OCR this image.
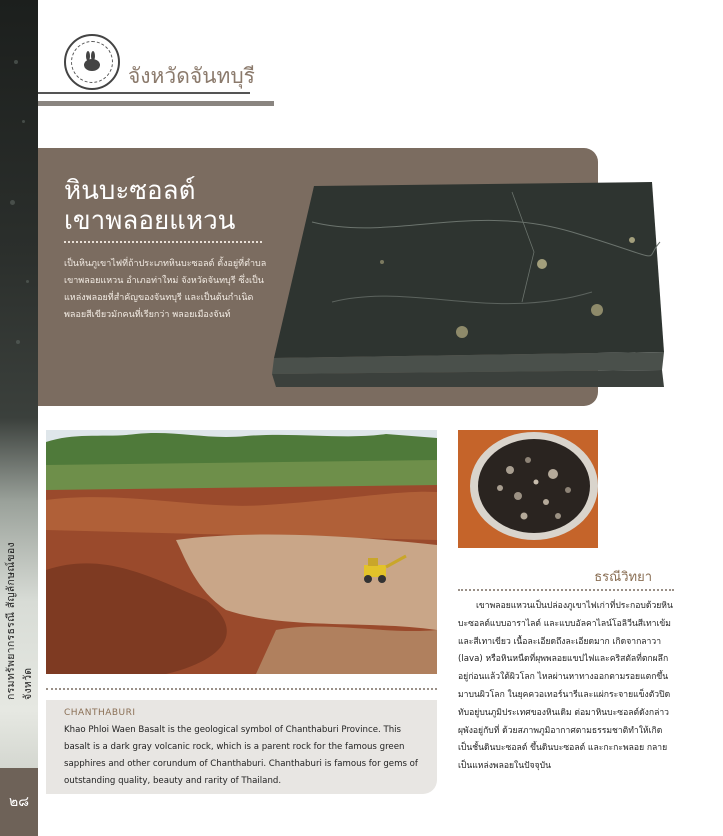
กรมทรัพยากรธรณี สัญลักษณ์ของจังหวัด
๒๘
จังหวัดจันทบุรี
หินบะซอลต์
เขาพลอยแหวน
เป็นหินภูเขาไฟที่ถ้าประเภทหินบะซอลต์ ตั้งอยู่ที่ตำบลเขาพลอยแหวน อำเภอท่าใหม่ จังหวัดจันทบุรี ซึ่งเป็นแหล่งพลอยที่สำคัญของจันทบุรี และเป็นต้นกำเนิดพลอยสีเขียวมักคนที่เรียกว่า พลอยเมืองจันท์
CHANTHABURI
Khao Phloi Waen Basalt is the geological symbol of Chanthaburi Province. This basalt is a dark gray volcanic rock, which is a parent rock for the famous green sapphires and other corundum of Chanthaburi. Chanthaburi is famous for gems of outstanding quality, beauty and rarity of Thailand.
ธรณีวิทยา
เขาพลอยแหวนเป็นปล่องภูเขาไฟเก่าที่ประกอบด้วยหินบะซอลต์แบบอาราไลต์ และแบบอัลคาไลน์โอลิวีนสีเทาเข้มและสีเทาเขียว เนื้อละเอียดถึงละเอียดมาก เกิดจากลาวา (lava) หรือหินหนืดที่ผุพพลอยแขปไฟและคริสตัลที่ตกผลึกอยู่ก่อนแล้วใต้ผิวโลก ไหลผ่านหาทางออกตามรอยแตกขึ้นมาบนผิวโลก ในยุคควอเทอร์นารีและแผ่กระจายแข็งตัวปิดทับอยู่บนภูมิประเทศของหินเดิม ต่อมาหินบะซอลต์ดังกล่าวผุพังอยู่กับที่ ด้วยสภาพภูมิอากาศตามธรรมชาติทำให้เกิดเป็นชั้นดินบะซอลต์ ขึ้นดินบะซอลต์ และกะกะพลอย กลายเป็นแหล่งพลอยในปัจจุบัน
